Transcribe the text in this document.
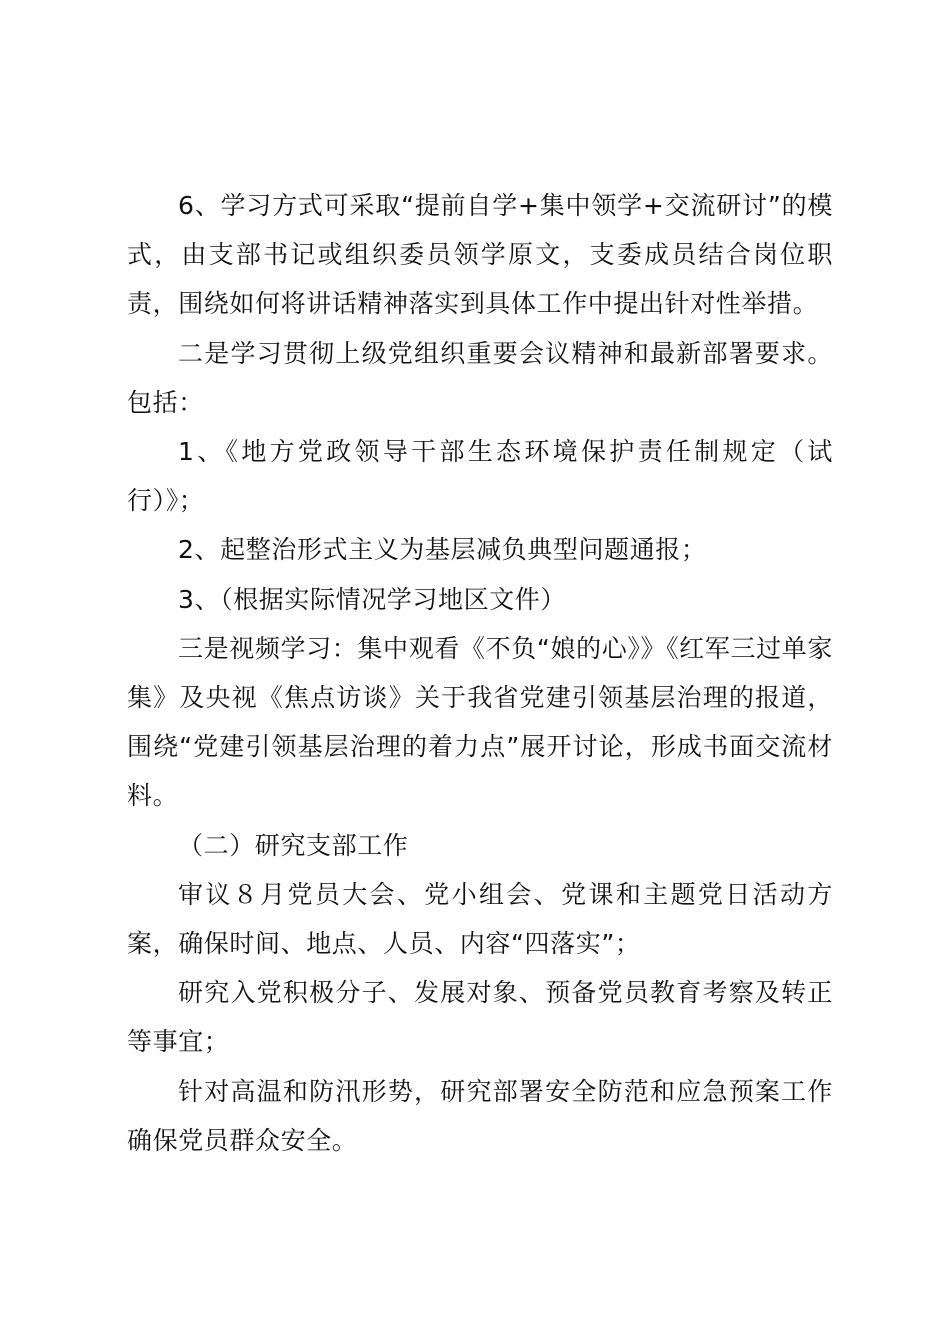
6、学习方式可采取“提前自学+集中领学+交流研讨”的模式，由支部书记或组织委员领学原文，支委成员结合岗位职责，围绕如何将讲话精神落实到具体工作中提出针对性举措。

二是学习贯彻上级党组织重要会议精神和最新部署要求。包括：

1、《地方党政领导干部生态环境保护责任制规定（试行）》；

2、起整治形式主义为基层减负典型问题通报；

3、（根据实际情况学习地区文件）

三是视频学习：集中观看《不负“娘的心》》《红军三过单家集》及央视《焦点访谈》关于我省党建引领基层治理的报道，围绕“党建引领基层治理的着力点”展开讨论，形成书面交流材料。

（二）研究支部工作

审议８月党员大会、党小组会、党课和主题党日活动方案，确保时间、地点、人员、内容“四落实”；

研究入党积极分子、发展对象、预备党员教育考察及转正等事宜；

针对高温和防汛形势，研究部署安全防范和应急预案工作确保党员群众安全。
